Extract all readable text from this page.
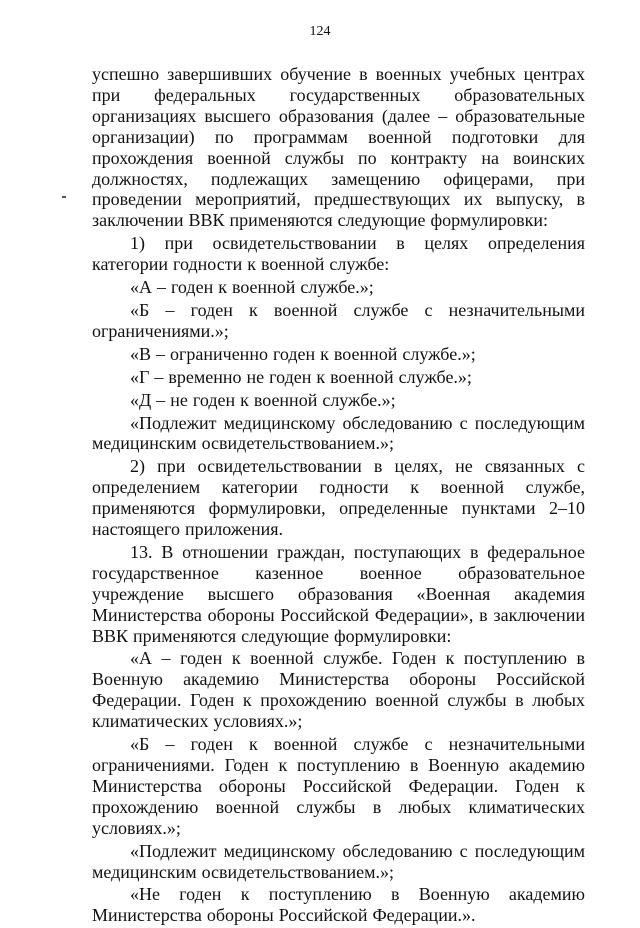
124

успешно завершивших обучение в военных учебных центрах при федеральных государственных образовательных организациях высшего образования (далее – образовательные организации) по программам военной подготовки для прохождения военной службы по контракту на воинских должностях, подлежащих замещению офицерами, при проведении мероприятий, предшествующих их выпуску, в заключении ВВК применяются следующие формулировки:

1) при освидетельствовании в целях определения категории годности к военной службе:

«А – годен к военной службе.»;

«Б – годен к военной службе с незначительными ограничениями.»;

«В – ограниченно годен к военной службе.»;

«Г – временно не годен к военной службе.»;

«Д – не годен к военной службе.»;

«Подлежит медицинскому обследованию с последующим медицинским освидетельствованием.»;

2) при освидетельствовании в целях, не связанных с определением категории годности к военной службе, применяются формулировки, определенные пунктами 2–10 настоящего приложения.

13. В отношении граждан, поступающих в федеральное государственное казенное военное образовательное учреждение высшего образования «Военная академия Министерства обороны Российской Федерации», в заключении ВВК применяются следующие формулировки:

«А – годен к военной службе. Годен к поступлению в Военную академию Министерства обороны Российской Федерации. Годен к прохождению военной службы в любых климатических условиях.»;

«Б – годен к военной службе с незначительными ограничениями. Годен к поступлению в Военную академию Министерства обороны Российской Федерации. Годен к прохождению военной службы в любых климатических условиях.»;

«Подлежит медицинскому обследованию с последующим медицинским освидетельствованием.»;

«Не годен к поступлению в Военную академию Министерства обороны Российской Федерации.».
